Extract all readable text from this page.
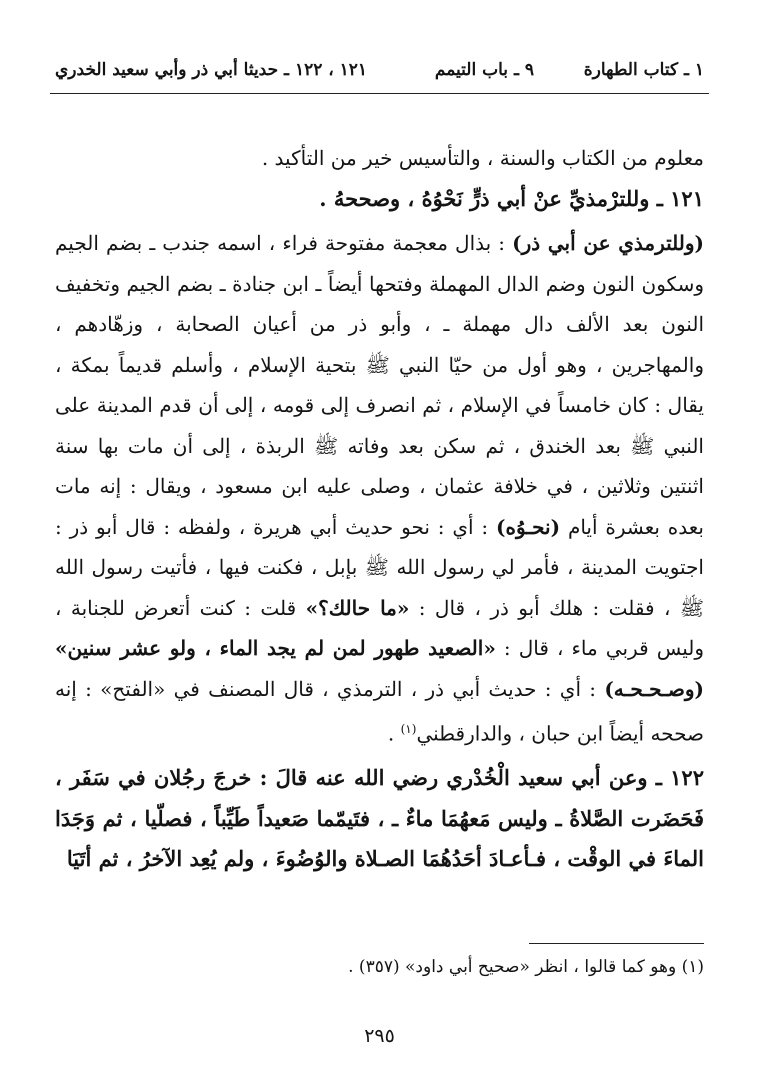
١ ـ كتاب الطهارة
٩ ـ باب التيمم
١٢١ ، ١٢٢ ـ حديثا أبي ذر وأبي سعيد الخدري

معلوم من الكتاب والسنة ، والتأسيس خير من التأكيد .

١٢١ ـ وللترْمذيِّ عنْ أبي ذرٍّ نَحْوُهُ ، وصححهُ .

(وللترمذي عن أبي ذر) : بذال معجمة مفتوحة فراء ، اسمه جندب ـ بضم الجيم وسكون النون وضم الدال المهملة وفتحها أيضاً ـ ابن جنادة ـ بضم الجيم وتخفيف النون بعد الألف دال مهملة ـ ، وأبو ذر من أعيان الصحابة ، وزهّادهم ، والمهاجرين ، وهو أول من حيّا النبي ﷺ بتحية الإسلام ، وأسلم قديماً بمكة ، يقال : كان خامساً في الإسلام ، ثم انصرف إلى قومه ، إلى أن قدم المدينة على النبي ﷺ بعد الخندق ، ثم سكن بعد وفاته ﷺ الربذة ، إلى أن مات بها سنة اثنتين وثلاثين ، في خلافة عثمان ، وصلى عليه ابن مسعود ، ويقال : إنه مات بعده بعشرة أيام (نحـوُه) : أي : نحو حديث أبي هريرة ، ولفظه : قال أبو ذر : اجتويت المدينة ، فأمر لي رسول الله ﷺ بإبل ، فكنت فيها ، فأتيت رسول الله ﷺ ، فقلت : هلك أبو ذر ، قال : «ما حالك؟» قلت : كنت أتعرض للجنابة ، وليس قربي ماء ، قال : «الصعيد طهور لمن لم يجد الماء ، ولو عشر سنين» (وصـحـحـه) : أي : حديث أبي ذر ، الترمذي ، قال المصنف في «الفتح» : إنه صححه أيضاً ابن حبان ، والدارقطني$^{(١)}$ .

١٢٢ ـ وعن أبي سعيد الْخُدْري رضي الله عنه قالَ : خرجَ رجُلان في سَفَر ، فَحَضَرت الصَّلاةُ ـ وليس مَعهُمَا ماءٌ ـ ، فتَيمّما صَعيداً طَيِّباً ، فصلّيا ، ثم وَجَدَا الماءَ في الوقْت ، فـأعـادَ أحَدُهُمَا الصـلاة والوُضُوءَ ، ولم يُعِد الآخرُ ، ثم أتَيَا

(١) وهو كما قالوا ، انظر «صحيح أبي داود» (٣٥٧) .
٢٩٥
